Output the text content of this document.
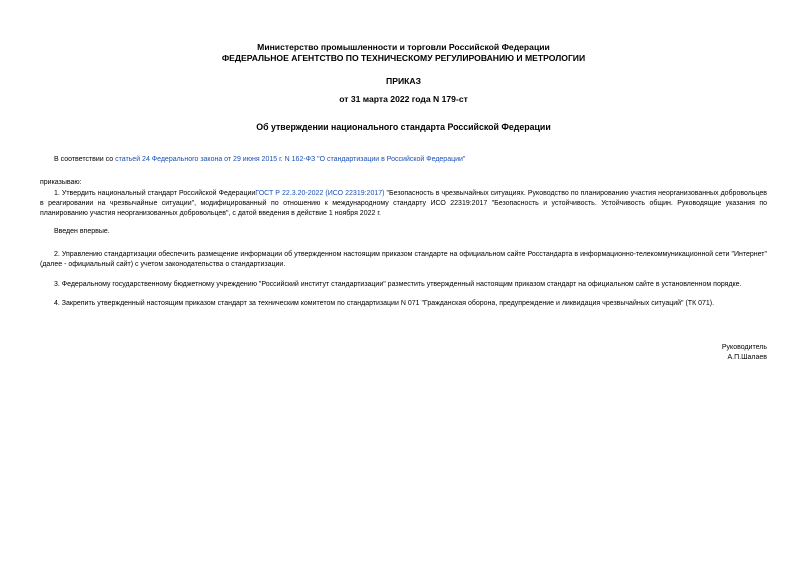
Министерство промышленности и торговли Российской Федерации
ФЕДЕРАЛЬНОЕ АГЕНТСТВО ПО ТЕХНИЧЕСКОМУ РЕГУЛИРОВАНИЮ И МЕТРОЛОГИИ
ПРИКАЗ
от 31 марта 2022 года N 179-ст
Об утверждении национального стандарта Российской Федерации
В соответствии со статьей 24 Федерального закона от 29 июня 2015 г. N 162-ФЗ "О стандартизации в Российской Федерации"
приказываю:
1. Утвердить национальный стандарт Российской ФедерацииГОСТ Р 22.3.20-2022 (ИСО 22319:2017) "Безопасность в чрезвычайных ситуациях. Руководство по планированию участия неорганизованных добровольцев в реагировании на чрезвычайные ситуации", модифицированный по отношению к международному стандарту ИСО 22319:2017 "Безопасность и устойчивость. Устойчивость общин. Руководящие указания по планированию участия неорганизованных добровольцев", с датой введения в действие 1 ноября 2022 г.
Введен впервые.
2. Управлению стандартизации обеспечить размещение информации об утвержденном настоящим приказом стандарте на официальном сайте Росстандарта в информационно-телекоммуникационной сети "Интернет" (далее - официальный сайт) с учетом законодательства о стандартизации.
3. Федеральному государственному бюджетному учреждению "Российский институт стандартизации" разместить утвержденный настоящим приказом стандарт на официальном сайте в установленном порядке.
4. Закрепить утвержденный настоящим приказом стандарт за техническим комитетом по стандартизации N 071 "Гражданская оборона, предупреждение и ликвидация чрезвычайных ситуаций" (ТК 071).
Руководитель
А.П.Шалаев
